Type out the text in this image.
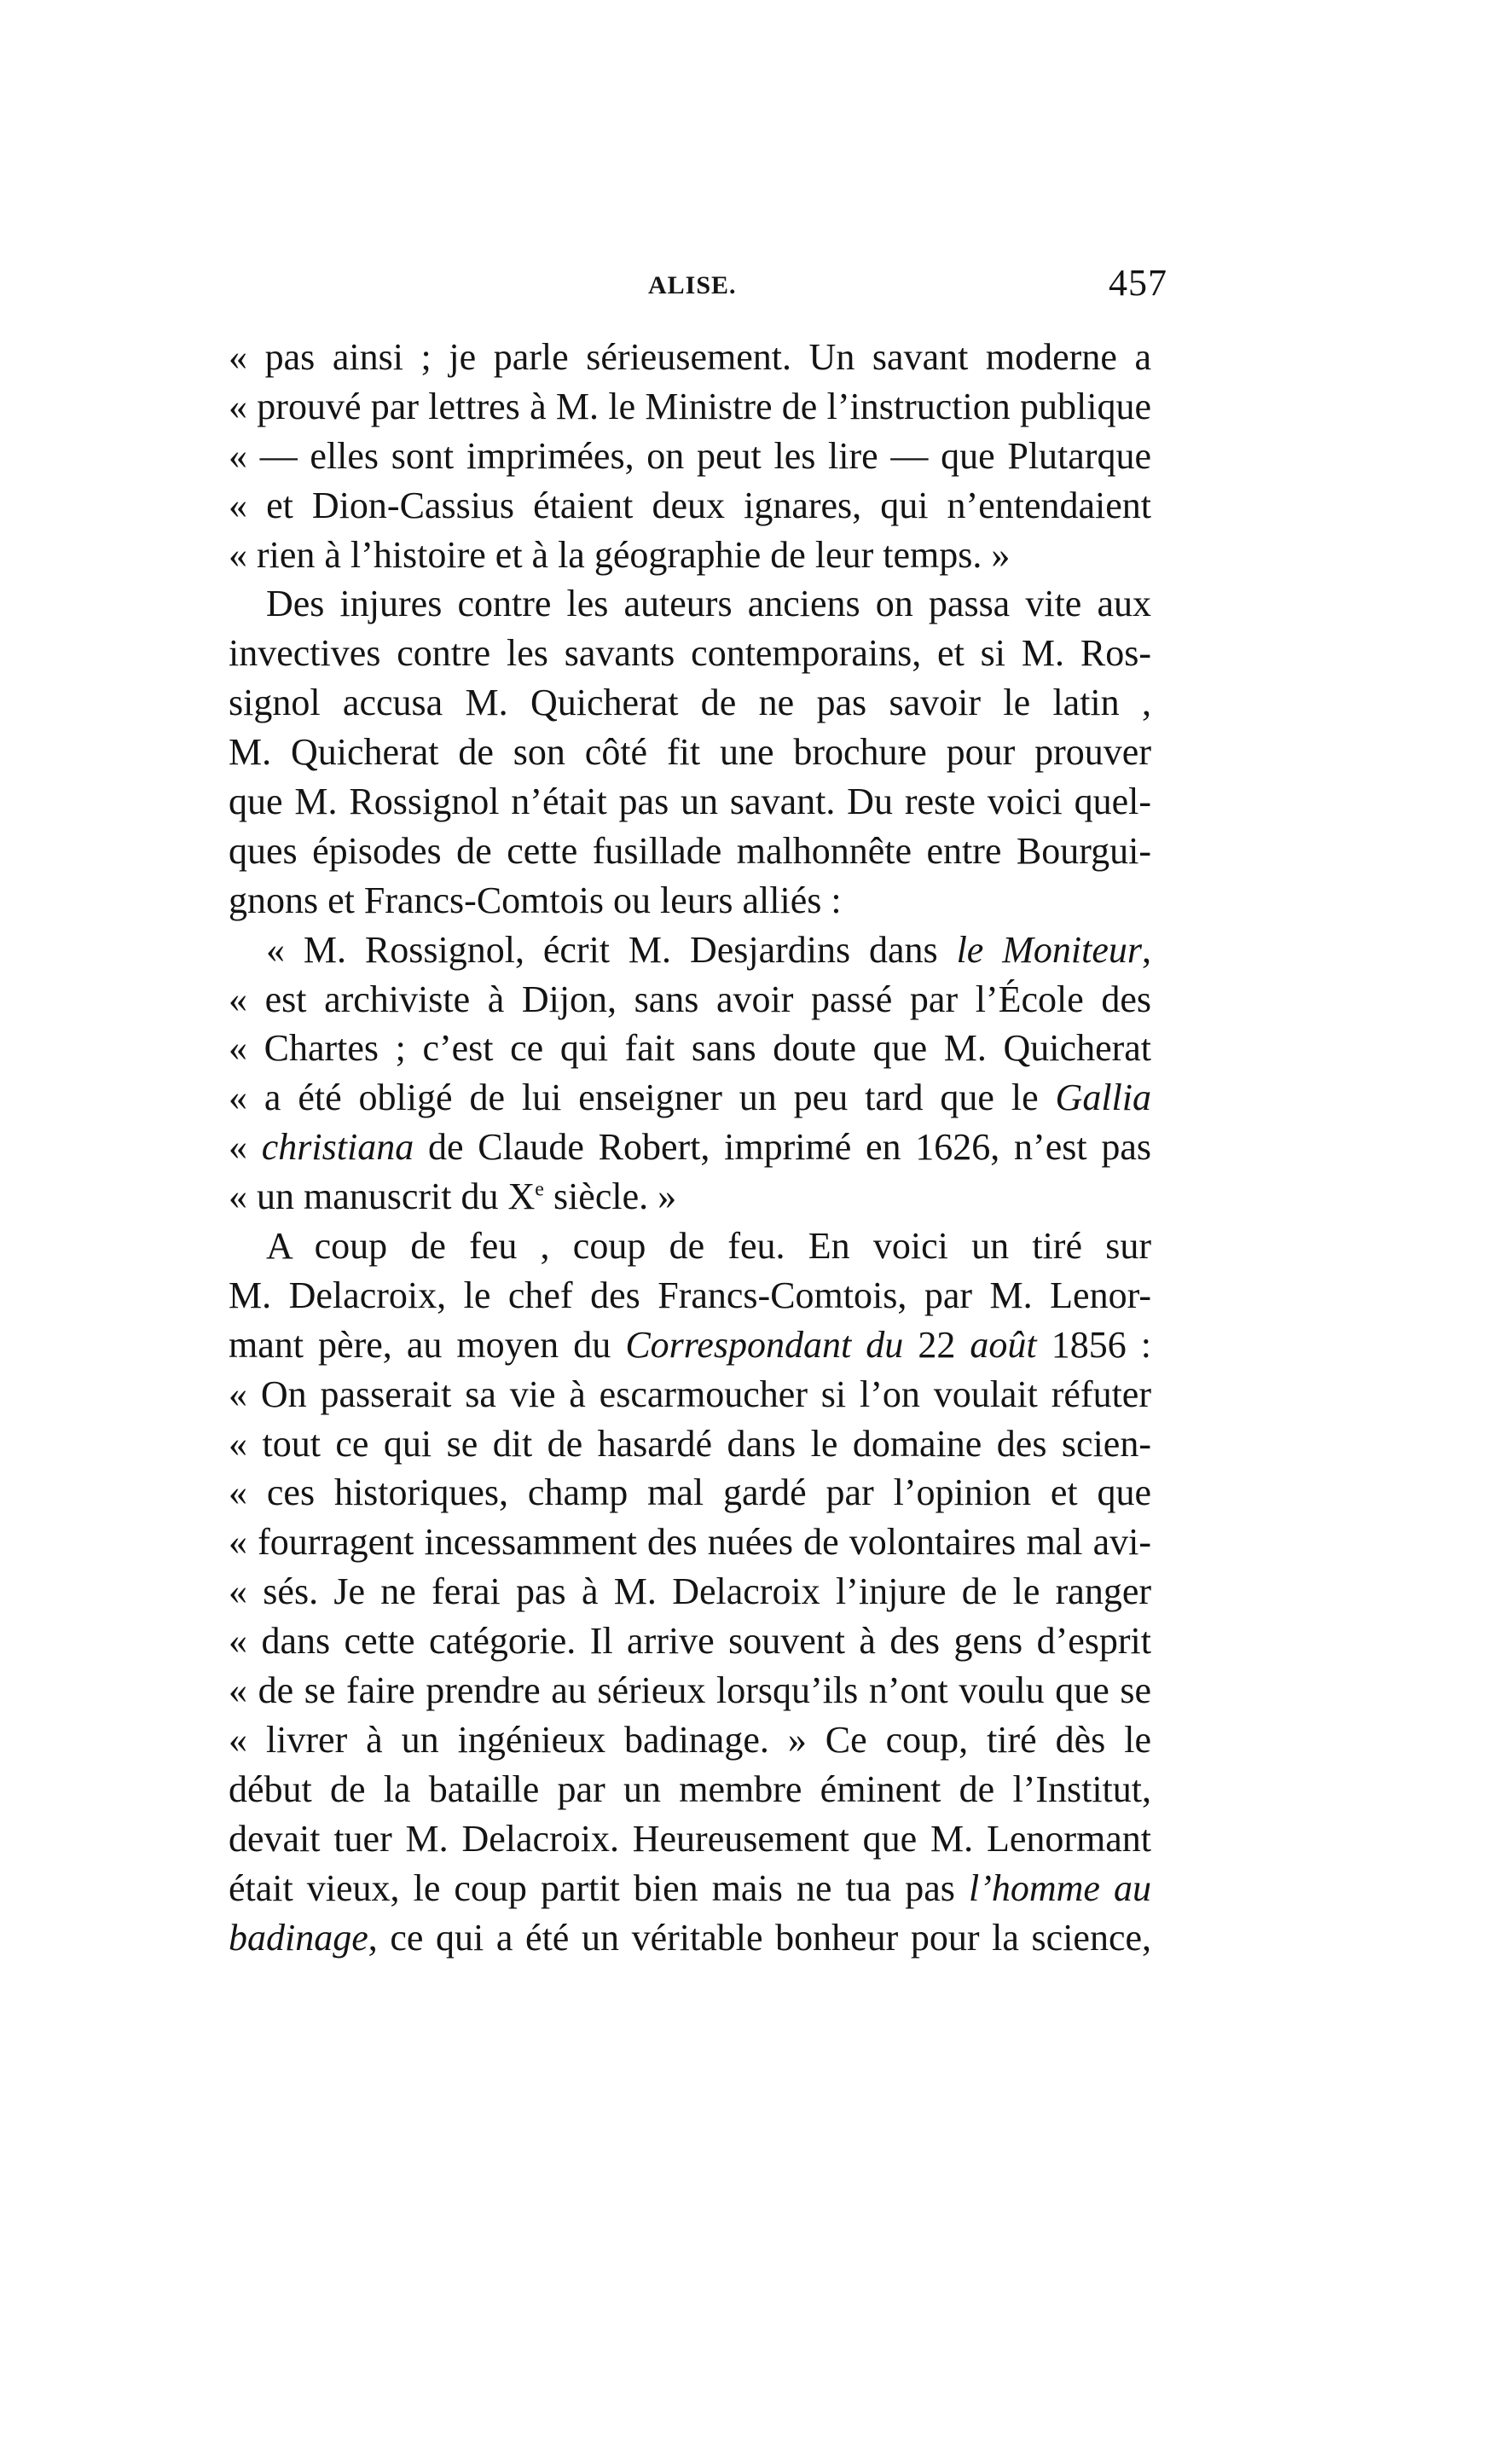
ALISE.	457
« pas ainsi ; je parle sérieusement. Un savant moderne a
« prouvé par lettres à M. le Ministre de l’instruction publique
« — elles sont imprimées, on peut les lire — que Plutarque
« et Dion-Cassius étaient deux ignares, qui n’entendaient
« rien à l’histoire et à la géographie de leur temps. »
Des injures contre les auteurs anciens on passa vite aux
invectives contre les savants contemporains, et si M. Ros-
signol accusa M. Quicherat de ne pas savoir le latin ,
M. Quicherat de son côté fit une brochure pour prouver
que M. Rossignol n’était pas un savant. Du reste voici quel-
ques épisodes de cette fusillade malhonnête entre Bourgui-
gnons et Francs-Comtois ou leurs alliés :
« M. Rossignol, écrit M. Desjardins dans le Moniteur,
« est archiviste à Dijon, sans avoir passé par l’École des
« Chartes ; c’est ce qui fait sans doute que M. Quicherat
« a été obligé de lui enseigner un peu tard que le Gallia
« christiana de Claude Robert, imprimé en 1626, n’est pas
« un manuscrit du Xe siècle. »
A coup de feu , coup de feu. En voici un tiré sur
M. Delacroix, le chef des Francs-Comtois, par M. Lenor-
mant père, au moyen du Correspondant du 22 août 1856 :
« On passerait sa vie à escarmoucher si l’on voulait réfuter
« tout ce qui se dit de hasardé dans le domaine des scien-
« ces historiques, champ mal gardé par l’opinion et que
« fourragent incessamment des nuées de volontaires mal avi-
« sés. Je ne ferai pas à M. Delacroix l’injure de le ranger
« dans cette catégorie. Il arrive souvent à des gens d’esprit
« de se faire prendre au sérieux lorsqu’ils n’ont voulu que se
« livrer à un ingénieux badinage. » Ce coup, tiré dès le
début de la bataille par un membre éminent de l’Institut,
devait tuer M. Delacroix. Heureusement que M. Lenormant
était vieux, le coup partit bien mais ne tua pas l’homme au
badinage, ce qui a été un véritable bonheur pour la science,
